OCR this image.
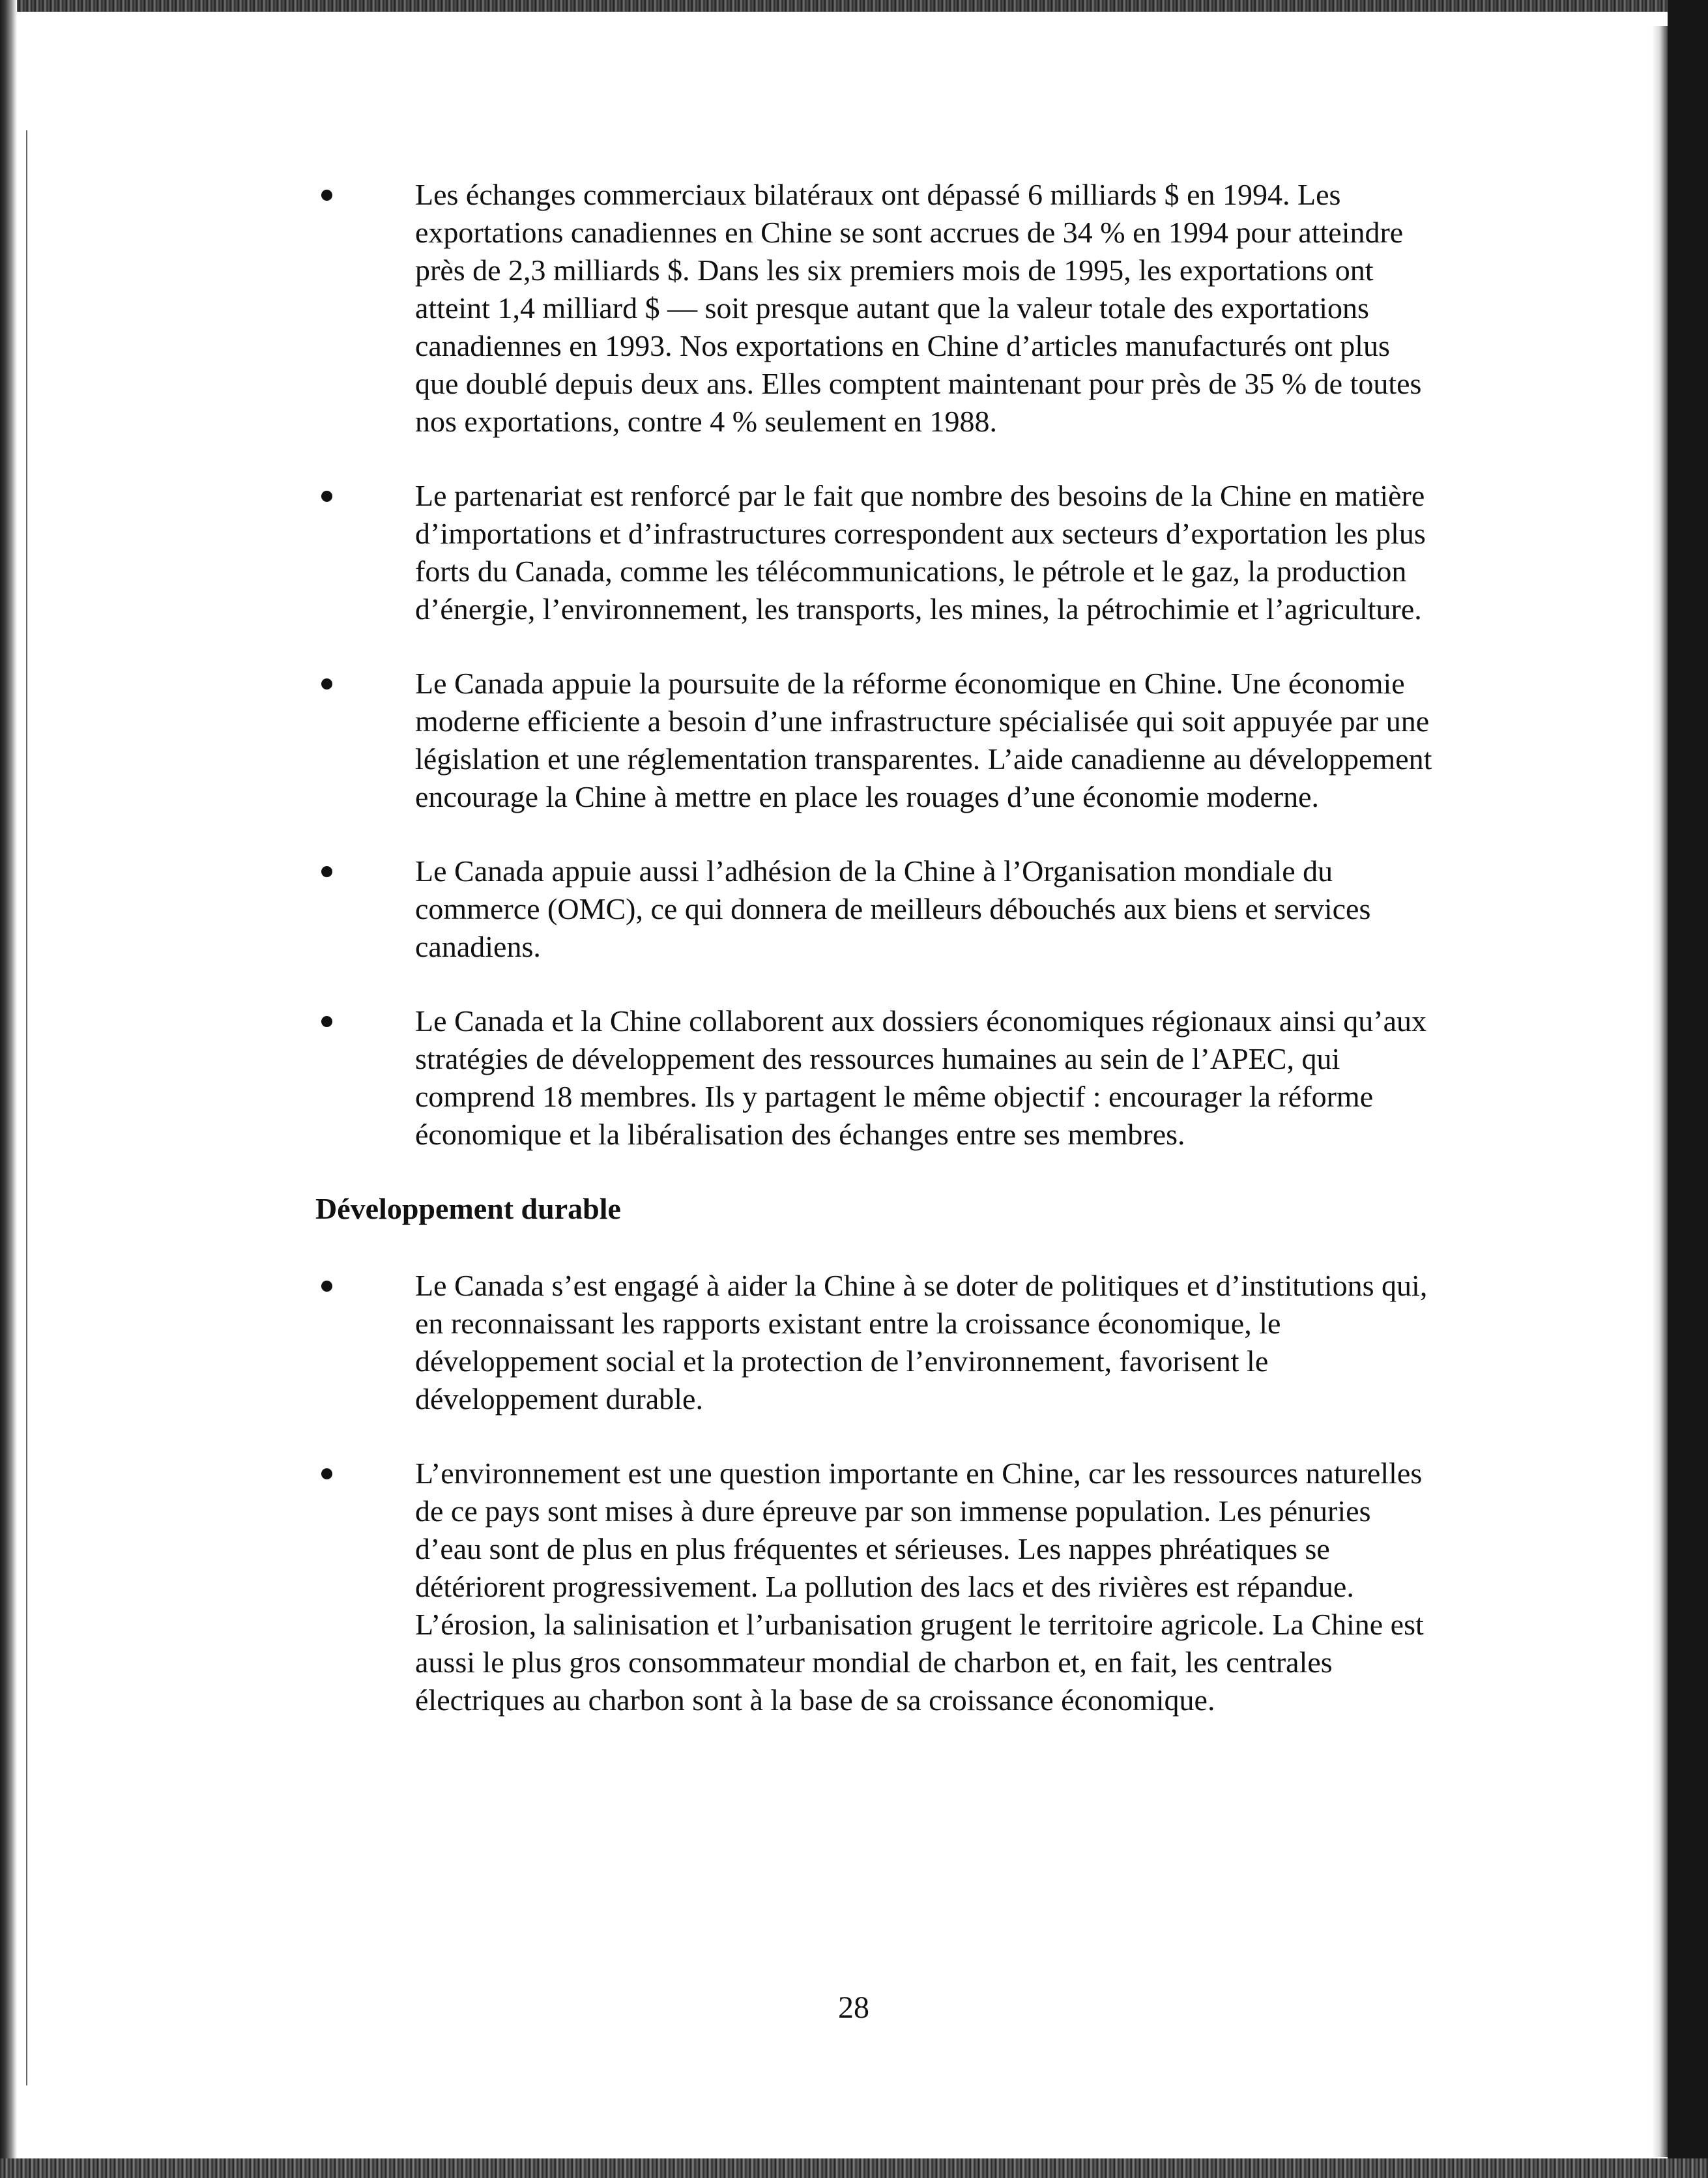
Les échanges commerciaux bilatéraux ont dépassé 6 milliards $ en 1994. Les exportations canadiennes en Chine se sont accrues de 34 % en 1994 pour atteindre près de 2,3 milliards $. Dans les six premiers mois de 1995, les exportations ont atteint 1,4 milliard $ — soit presque autant que la valeur totale des exportations canadiennes en 1993. Nos exportations en Chine d’articles manufacturés ont plus que doublé depuis deux ans. Elles comptent maintenant pour près de 35 % de toutes nos exportations, contre 4 % seulement en 1988.

Le partenariat est renforcé par le fait que nombre des besoins de la Chine en matière d’importations et d’infrastructures correspondent aux secteurs d’exportation les plus forts du Canada, comme les télécommunications, le pétrole et le gaz, la production d’énergie, l’environnement, les transports, les mines, la pétrochimie et l’agriculture.

Le Canada appuie la poursuite de la réforme économique en Chine. Une économie moderne efficiente a besoin d’une infrastructure spécialisée qui soit appuyée par une législation et une réglementation transparentes. L’aide canadienne au développement encourage la Chine à mettre en place les rouages d’une économie moderne.

Le Canada appuie aussi l’adhésion de la Chine à l’Organisation mondiale du commerce (OMC), ce qui donnera de meilleurs débouchés aux biens et services canadiens.

Le Canada et la Chine collaborent aux dossiers économiques régionaux ainsi qu’aux stratégies de développement des ressources humaines au sein de l’APEC, qui comprend 18 membres. Ils y partagent le même objectif : encourager la réforme économique et la libéralisation des échanges entre ses membres.

Développement durable

Le Canada s’est engagé à aider la Chine à se doter de politiques et d’institutions qui, en reconnaissant les rapports existant entre la croissance économique, le développement social et la protection de l’environnement, favorisent le développement durable.

L’environnement est une question importante en Chine, car les ressources naturelles de ce pays sont mises à dure épreuve par son immense population. Les pénuries d’eau sont de plus en plus fréquentes et sérieuses. Les nappes phréatiques se détériorent progressivement. La pollution des lacs et des rivières est répandue. L’érosion, la salinisation et l’urbanisation grugent le territoire agricole. La Chine est aussi le plus gros consommateur mondial de charbon et, en fait, les centrales électriques au charbon sont à la base de sa croissance économique.

28
